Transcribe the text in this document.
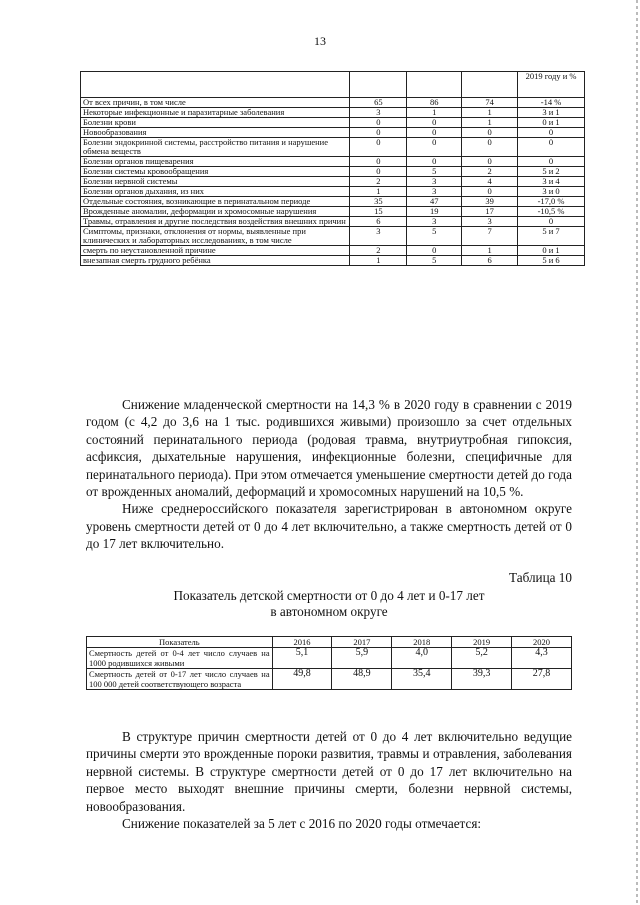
13
				2019 году и %
От всех причин, в том числе	65	86	74	-14 %
Некоторые инфекционные и паразитарные заболевания	3	1	1	3 и 1
Болезни крови	0	0	1	0 и 1
Новообразования	0	0	0	0
Болезни эндокринной системы, расстройство питания и нарушение обмена веществ	0	0	0	0
Болезни органов пищеварения	0	0	0	0
Болезни системы кровообращения	0	5	2	5 и 2
Болезни нервной системы	2	3	4	3 и 4
Болезни органов дыхания, из них	1	3	0	3 и 0
Отдельные состояния, возникающие в перинатальном периоде	35	47	39	-17,0 %
Врожденные аномалии, деформации и хромосомные нарушения	15	19	17	-10,5 %
Травмы, отравления и другие последствия воздействия внешних причин	6	3	3	0
Симптомы, признаки, отклонения от нормы, выявленные при клинических и лабораторных исследованиях, в том числе	3	5	7	5 и 7
смерть по неустановленной причине	2	0	1	0 и 1
внезапная смерть грудного ребёнка	1	5	6	5 и 6

Снижение младенческой смертности на 14,3 % в 2020 году в сравнении с 2019 годом (с 4,2 до 3,6 на 1 тыс. родившихся живыми) произошло за счет отдельных состояний перинатального периода (родовая травма, внутриутробная гипоксия, асфиксия, дыхательные нарушения, инфекционные болезни, специфичные для перинатального периода). При этом отмечается уменьшение смертности детей до года от врожденных аномалий, деформаций и хромосомных нарушений на 10,5 %.

Ниже среднероссийского показателя зарегистрирован в автономном округе уровень смертности детей от 0 до 4 лет включительно, а также смертность детей от 0 до 17 лет включительно.

Таблица 10
Показатель детской смертности от 0 до 4 лет и 0-17 лет
в автономном округе
Показатель	2016	2017	2018	2019	2020
Смертность детей от 0-4 лет число случаев на 1000 родившихся живыми	5,1	5,9	4,0	5,2	4,3
Смертность детей от 0-17 лет число случаев на 100 000 детей соответствующего возраста	49,8	48,9	35,4	39,3	27,8

В структуре причин смертности детей от 0 до 4 лет включительно ведущие причины смерти это врожденные пороки развития, травмы и отравления, заболевания нервной системы. В структуре смертности детей от 0 до 17 лет включительно на первое место выходят внешние причины смерти, болезни нервной системы, новообразования.

Снижение показателей за 5 лет с 2016 по 2020 годы отмечается:
